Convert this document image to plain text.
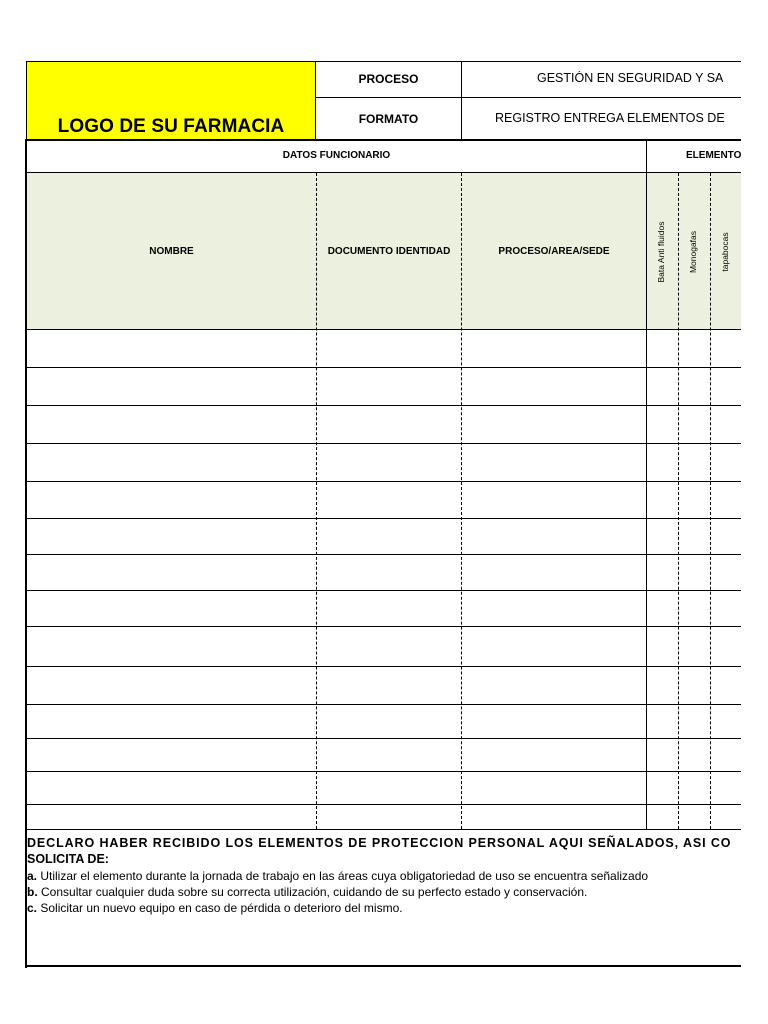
LOGO DE SU FARMACIA
PROCESO	GESTIÓN EN SEGURIDAD Y SA
FORMATO	REGISTRO ENTREGA ELEMENTOS DE
DATOS FUNCIONARIO	ELEMENTO
NOMBRE	DOCUMENTO IDENTIDAD	PROCESO/AREA/SEDE	Bata Anti fluidos	Monogafas	tapabocas
DECLARO HABER RECIBIDO LOS ELEMENTOS DE PROTECCION PERSONAL AQUI SEÑALADOS, ASI CO
SOLICITA DE:
a. Utilizar el elemento durante la jornada de trabajo en las áreas cuya obligatoriedad de uso se encuentra señalizado
b. Consultar cualquier duda sobre su correcta utilización, cuidando de su perfecto estado y conservación.
c. Solicitar un nuevo equipo en caso de pérdida o deterioro del mismo.
